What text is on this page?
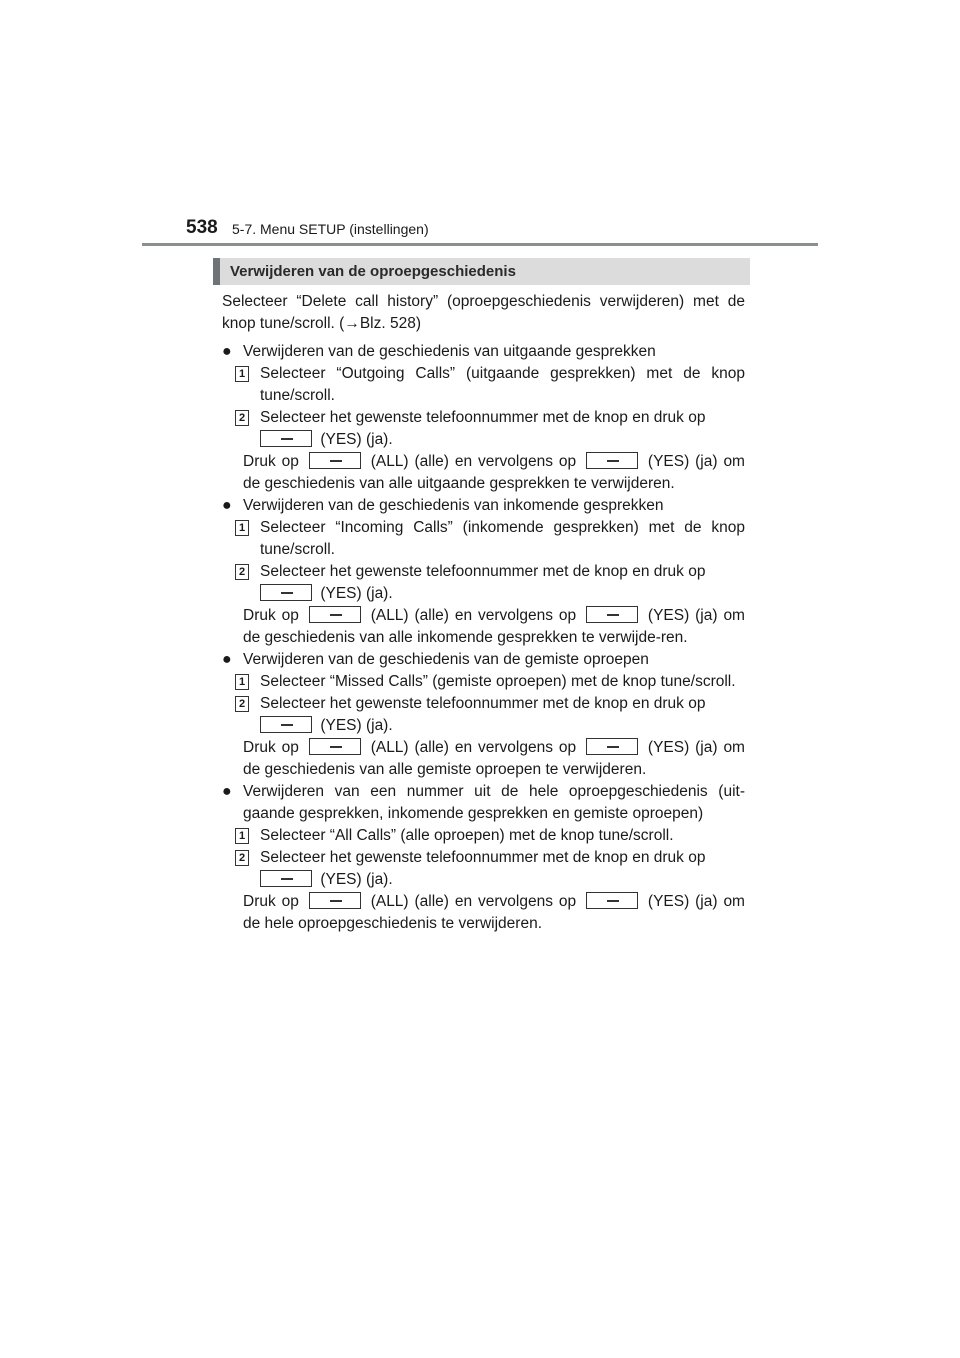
538 5-7. Menu SETUP (instellingen)
Verwijderen van de oproepgeschiedenis

Selecteer “Delete call history” (oproepgeschiedenis verwijderen) met de knop tune/scroll. (→Blz. 528)

● Verwijderen van de geschiedenis van uitgaande gesprekken

1 Selecteer “Outgoing Calls” (uitgaande gesprekken) met de knop tune/scroll.

2 Selecteer het gewenste telefoonnummer met de knop en druk op
(YES) (ja).

Druk op	(ALL) (alle) en vervolgens op	(YES) (ja) om de geschiedenis van alle uitgaande gesprekken te verwijderen.

● Verwijderen van de geschiedenis van inkomende gesprekken

1 Selecteer “Incoming Calls” (inkomende gesprekken) met de knop tune/scroll.

2 Selecteer het gewenste telefoonnummer met de knop en druk op
(YES) (ja).

Druk op	(ALL) (alle) en vervolgens op	(YES) (ja) om de geschiedenis van alle inkomende gesprekken te verwijde-ren.

● Verwijderen van de geschiedenis van de gemiste oproepen

1 Selecteer “Missed Calls” (gemiste oproepen) met de knop tune/scroll.

2 Selecteer het gewenste telefoonnummer met de knop en druk op
(YES) (ja).

Druk op	(ALL) (alle) en vervolgens op	(YES) (ja) om de geschiedenis van alle gemiste oproepen te verwijderen.

● Verwijderen van een nummer uit de hele oproepgeschiedenis (uit-gaande gesprekken, inkomende gesprekken en gemiste oproepen)

1 Selecteer “All Calls” (alle oproepen) met de knop tune/scroll.

2 Selecteer het gewenste telefoonnummer met de knop en druk op
(YES) (ja).

Druk op	(ALL) (alle) en vervolgens op	(YES) (ja) om de hele oproepgeschiedenis te verwijderen.
